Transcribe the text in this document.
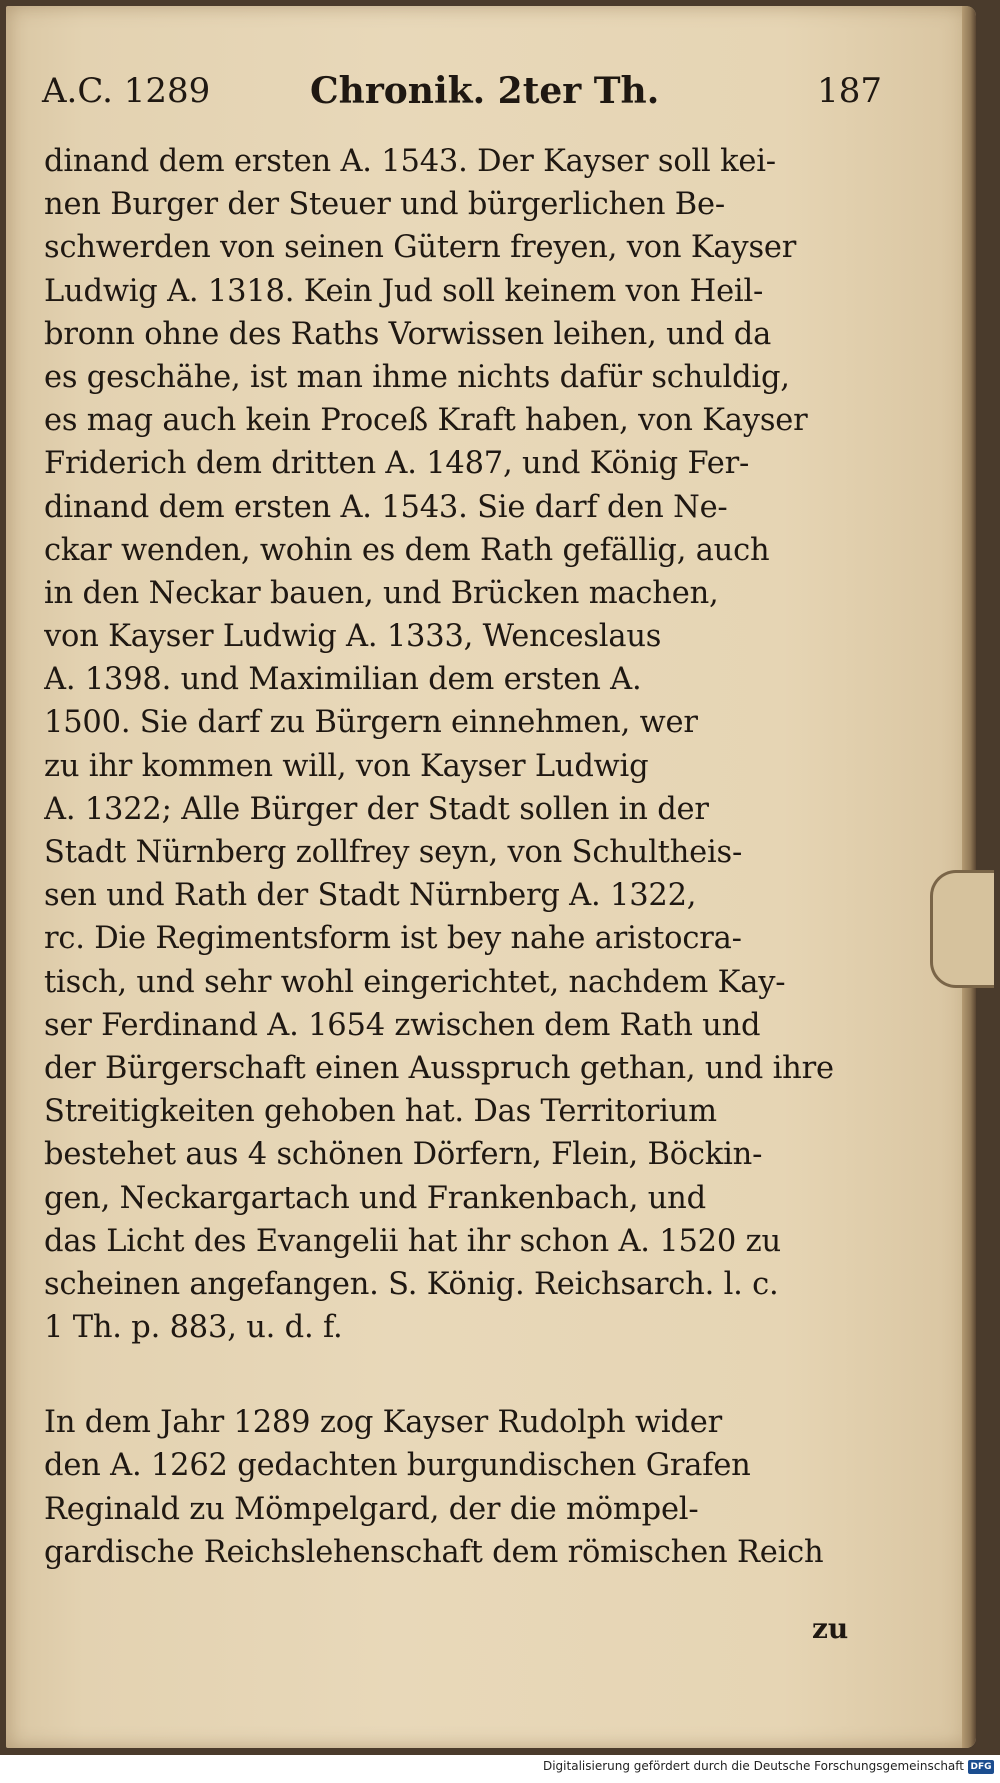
A.C. 1289	Chronik. 2ter Th.	187
dinand dem ersten A. 1543. Der Kayser soll kei-
nen Burger der Steuer und bürgerlichen Be-
schwerden von seinen Gütern freyen, von Kayser
Ludwig A. 1318. Kein Jud soll keinem von Heil-
bronn ohne des Raths Vorwissen leihen, und da
es geschähe, ist man ihme nichts dafür schuldig,
es mag auch kein Proceß Kraft haben, von Kayser
Friderich dem dritten A. 1487, und König Fer-
dinand dem ersten A. 1543. Sie darf den Ne-
ckar wenden, wohin es dem Rath gefällig, auch
in den Neckar bauen, und Brücken machen,
von Kayser Ludwig A. 1333, Wenceslaus
A. 1398. und Maximilian dem ersten A.
1500. Sie darf zu Bürgern einnehmen, wer
zu ihr kommen will, von Kayser Ludwig
A. 1322; Alle Bürger der Stadt sollen in der
Stadt Nürnberg zollfrey seyn, von Schultheis-
sen und Rath der Stadt Nürnberg A. 1322,
rc. Die Regimentsform ist bey nahe aristocra-
tisch, und sehr wohl eingerichtet, nachdem Kay-
ser Ferdinand A. 1654 zwischen dem Rath und
der Bürgerschaft einen Ausspruch gethan, und ihre
Streitigkeiten gehoben hat. Das Territorium
bestehet aus 4 schönen Dörfern, Flein, Böckin-
gen, Neckargartach und Frankenbach, und
das Licht des Evangelii hat ihr schon A. 1520 zu
scheinen angefangen. S. König. Reichsarch. l. c.
1 Th. p. 883, u. d. f.
In dem Jahr 1289 zog Kayser Rudolph wider
den A. 1262 gedachten burgundischen Grafen
Reginald zu Mömpelgard, der die mömpel-
gardische Reichslehenschaft dem römischen Reich
zu
Digitalisierung gefördert durch die Deutsche Forschungsgemeinschaft DFG
